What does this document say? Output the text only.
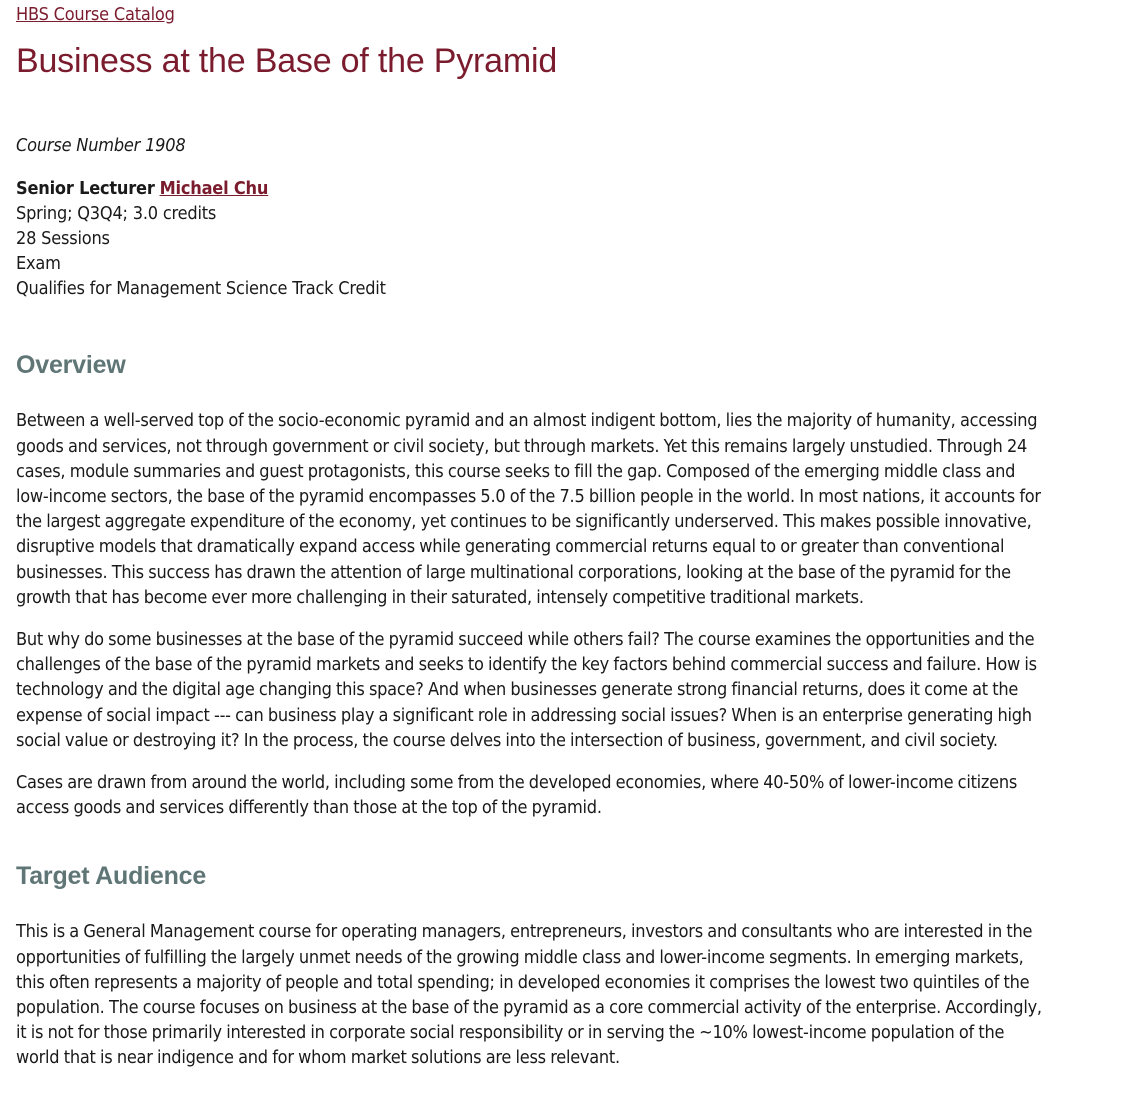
HBS Course Catalog
Business at the Base of the Pyramid
Course Number 1908
Senior Lecturer Michael Chu
Spring; Q3Q4; 3.0 credits
28 Sessions
Exam
Qualifies for Management Science Track Credit
Overview

Between a well-served top of the socio-economic pyramid and an almost indigent bottom, lies the majority of humanity, accessing goods and services, not through government or civil society, but through markets. Yet this remains largely unstudied. Through 24 cases, module summaries and guest protagonists, this course seeks to fill the gap. Composed of the emerging middle class and low-income sectors, the base of the pyramid encompasses 5.0 of the 7.5 billion people in the world. In most nations, it accounts for the largest aggregate expenditure of the economy, yet continues to be significantly underserved. This makes possible innovative, disruptive models that dramatically expand access while generating commercial returns equal to or greater than conventional businesses. This success has drawn the attention of large multinational corporations, looking at the base of the pyramid for the growth that has become ever more challenging in their saturated, intensely competitive traditional markets.

But why do some businesses at the base of the pyramid succeed while others fail? The course examines the opportunities and the challenges of the base of the pyramid markets and seeks to identify the key factors behind commercial success and failure. How is technology and the digital age changing this space? And when businesses generate strong financial returns, does it come at the expense of social impact --- can business play a significant role in addressing social issues? When is an enterprise generating high social value or destroying it? In the process, the course delves into the intersection of business, government, and civil society.

Cases are drawn from around the world, including some from the developed economies, where 40-50% of lower-income citizens access goods and services differently than those at the top of the pyramid.

Target Audience

This is a General Management course for operating managers, entrepreneurs, investors and consultants who are interested in the opportunities of fulfilling the largely unmet needs of the growing middle class and lower-income segments. In emerging markets, this often represents a majority of people and total spending; in developed economies it comprises the lowest two quintiles of the population. The course focuses on business at the base of the pyramid as a core commercial activity of the enterprise. Accordingly, it is not for those primarily interested in corporate social responsibility or in serving the ~10% lowest-income population of the world that is near indigence and for whom market solutions are less relevant.
